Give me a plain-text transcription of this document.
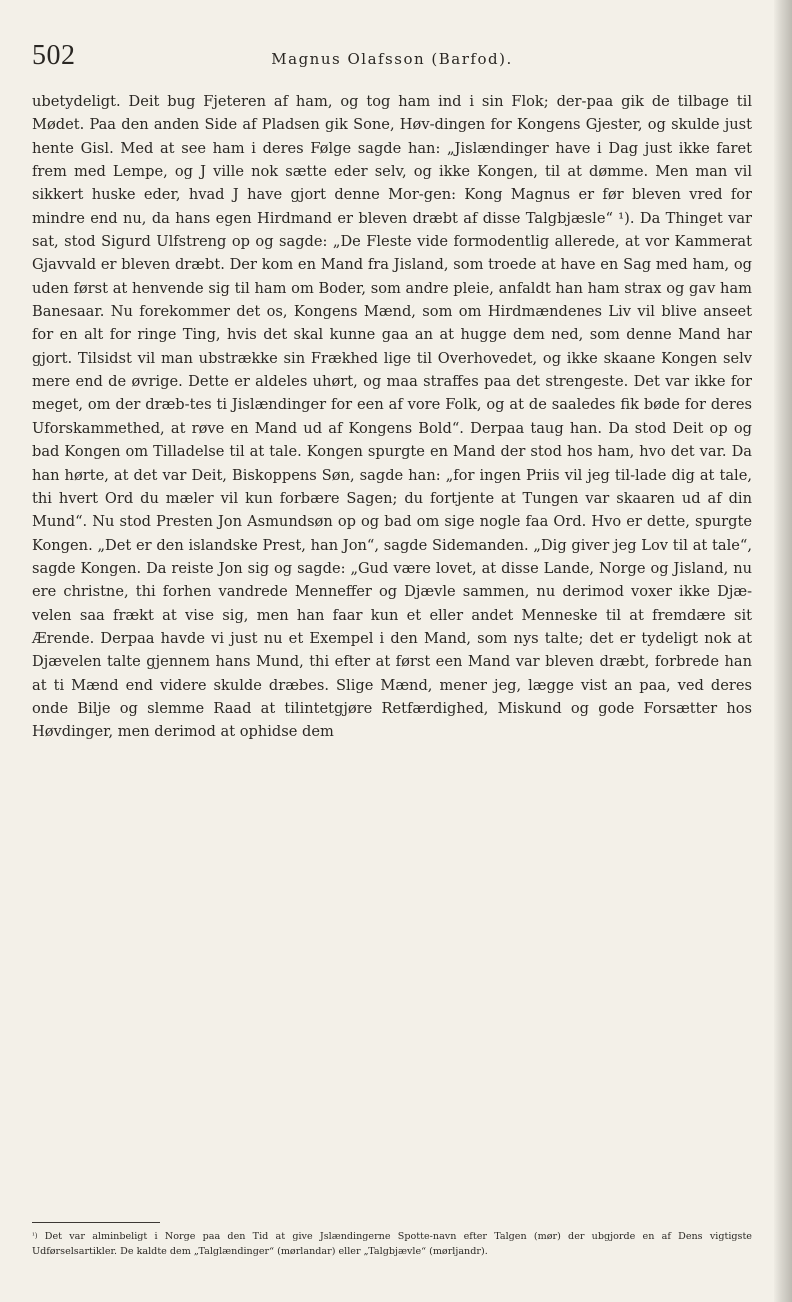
502	Magnus Olafsson (Barfod).

ubetydeligt. Deit bug Fjeteren af ham, og tog ham ind i sin Flok; der-paa gik de tilbage til Mødet. Paa den anden Side af Pladsen gik Sone, Høv-dingen for Kongens Gjester, og skulde just hente Gisl. Med at see ham i deres Følge sagde han: „Jislændinger have i Dag just ikke faret frem med Lempe, og J ville nok sætte eder selv, og ikke Kongen, til at dømme. Men man vil sikkert huske eder, hvad J have gjort denne Mor-gen: Kong Magnus er før bleven vred for mindre end nu, da hans egen Hirdmand er bleven dræbt af disse Talgbjæsle“ ¹). Da Thinget var sat, stod Sigurd Ulfstreng op og sagde: „De Fleste vide formodentlig allerede, at vor Kammerat Gjavvald er bleven dræbt. Der kom en Mand fra Jisland, som troede at have en Sag med ham, og uden først at henvende sig til ham om Boder, som andre pleie, anfaldt han ham strax og gav ham Banesaar. Nu forekommer det os, Kongens Mænd, som om Hirdmændenes Liv vil blive anseet for en alt for ringe Ting, hvis det skal kunne gaa an at hugge dem ned, som denne Mand har gjort. Tilsidst vil man ubstrække sin Frækhed lige til Overhovedet, og ikke skaane Kongen selv mere end de øvrige. Dette er aldeles uhørt, og maa straffes paa det strengeste. Det var ikke for meget, om der dræb-tes ti Jislændinger for een af vore Folk, og at de saaledes fik bøde for deres Uforskammethed, at røve en Mand ud af Kongens Bold“. Derpaa taug han. Da stod Deit op og bad Kongen om Tilladelse til at tale. Kongen spurgte en Mand der stod hos ham, hvo det var. Da han hørte, at det var Deit, Biskoppens Søn, sagde han: „for ingen Priis vil jeg til-lade dig at tale, thi hvert Ord du mæler vil kun forbære Sagen; du fortjente at Tungen var skaaren ud af din Mund“. Nu stod Presten Jon Asmundsøn op og bad om sige nogle faa Ord. Hvo er dette, spurgte Kongen. „Det er den islandske Prest, han Jon“, sagde Sidemanden. „Dig giver jeg Lov til at tale“, sagde Kongen. Da reiste Jon sig og sagde: „Gud være lovet, at disse Lande, Norge og Jisland, nu ere christne, thi forhen vandrede Menneffer og Djævle sammen, nu derimod voxer ikke Djæ-velen saa frækt at vise sig, men han faar kun et eller andet Menneske til at fremdære sit Ærende. Derpaa havde vi just nu et Exempel i den Mand, som nys talte; det er tydeligt nok at Djævelen talte gjennem hans Mund, thi efter at først een Mand var bleven dræbt, forbrede han at ti Mænd end videre skulde dræbes. Slige Mænd, mener jeg, lægge vist an paa, ved deres onde Bilje og slemme Raad at tilintetgjøre Retfærdighed, Miskund og gode Forsætter hos Høvdinger, men derimod at ophidse dem

$^{^1)}$ Det var alminbeligt i Norge paa den Tid at give Jslændingerne Spotte-navn efter Talgen (mør) der ubgjorde en af Dens vigtigste Udførselsartikler. De kaldte dem „Talglændinger“ (mørlandar) eller „Talgbjævle“ (mørljandr).
